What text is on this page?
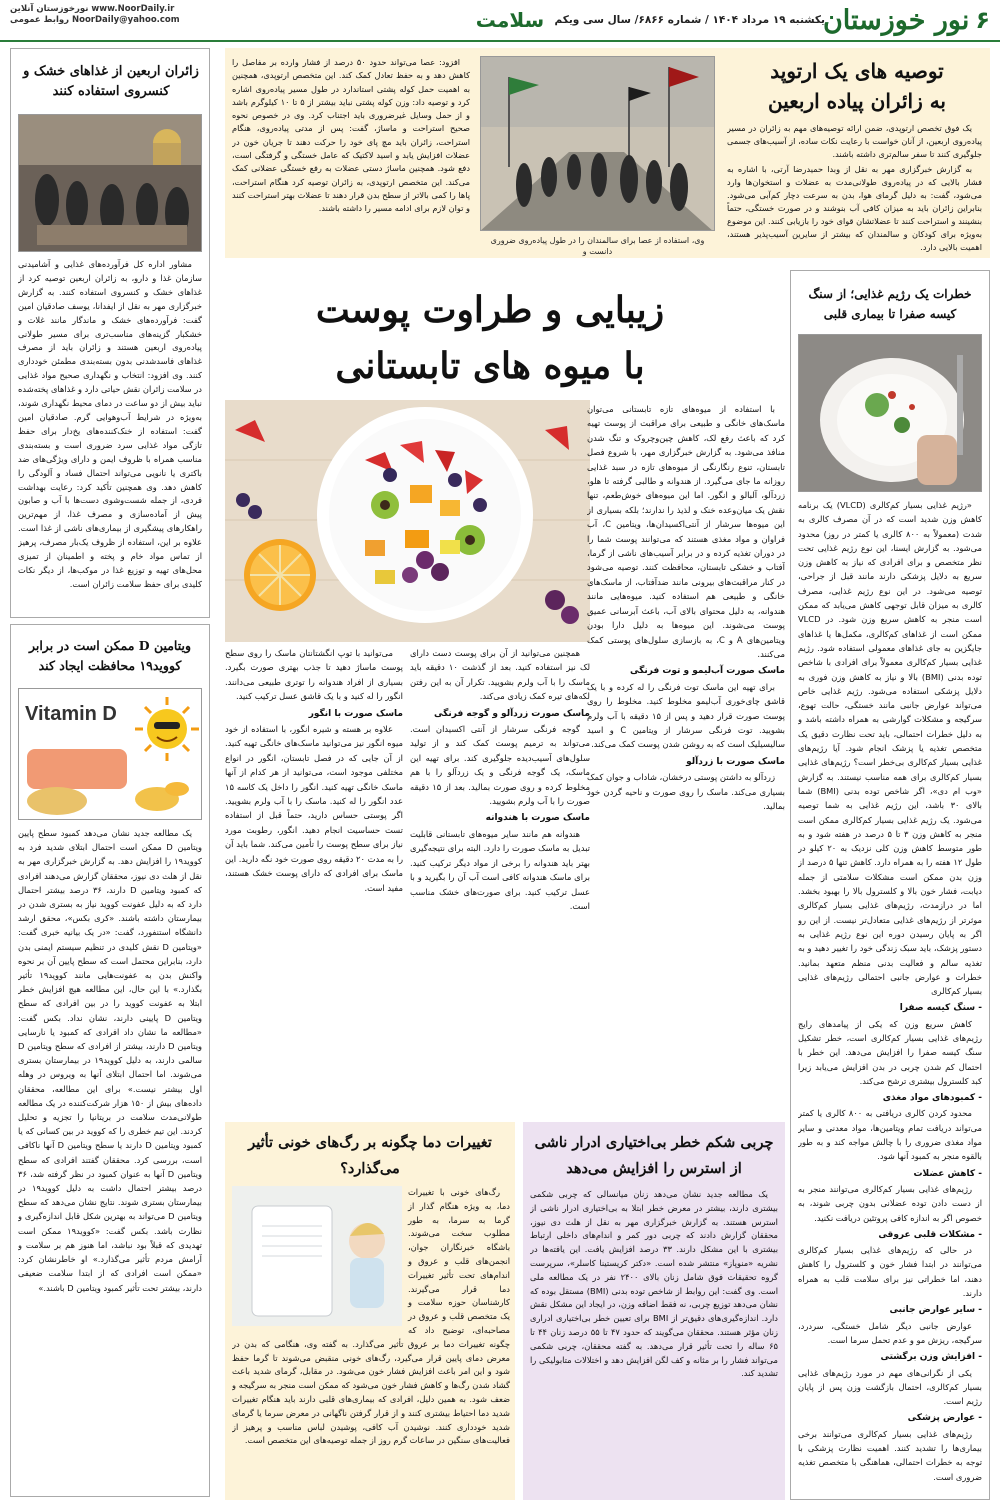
۶
نور خوزستان
یکشنبه ۱۹ مرداد ۱۴۰۴ / شماره ۶۸۶۶/ سال سی ویکم
سلامت
نورخوزستان آنلاین www.NoorDaily.ir
روابط عمومی NoorDaily@yahoo.com
توصیه های یک ارتوپد
به زائران پیاده اربعین

یک فوق تخصص ارتوپدی، ضمن ارائه توصیه‌های مهم به زائران در مسیر پیاده‌روی اربعین، از آنان خواست با رعایت نکات ساده، از آسیب‌های جسمی جلوگیری کنند تا سفر سالم‌تری داشته باشند.

به گزارش خبرگزاری مهر به نقل از وبدا حمیدرضا آرتی، با اشاره به فشار بالایی که در پیاده‌روی طولانی‌مدت به عضلات و استخوان‌ها وارد می‌شود، گفت: به دلیل گرمای هوا، بدن به سرعت دچار کم‌آبی می‌شود. بنابراین زائران باید به میزان کافی آب بنوشند و در صورت خستگی، حتماً بنشینند و استراحت کنند تا عضلاتشان قوای خود را بازیابی کنند. این موضوع به‌ویژه برای کودکان و سالمندان که بیشتر از سایرین آسیب‌پذیر هستند، اهمیت بالایی دارد.

وی، استفاده از عصا برای سالمندان را در طول پیاده‌روی ضروری دانست و

افزود: عصا می‌تواند حدود ۵۰ درصد از فشار وارده بر مفاصل را کاهش دهد و به حفظ تعادل کمک کند. این متخصص ارتوپدی، همچنین به اهمیت حمل کوله پشتی استاندارد در طول مسیر پیاده‌روی اشاره کرد و توصیه داد: وزن کوله پشتی نباید بیشتر از ۵ تا ۱۰ کیلوگرم باشد و از حمل وسایل غیرضروری باید اجتناب کرد. وی در خصوص نحوه صحیح استراحت و ماساژ، گفت: پس از مدتی پیاده‌روی، هنگام استراحت، زائران باید مچ پای خود را حرکت دهند تا جریان خون در عضلات افزایش یابد و اسید لاکتیک که عامل خستگی و گرفتگی است، دفع شود. همچنین ماساژ دستی عضلات به رفع خستگی عضلانی کمک می‌کند. این متخصص ارتوپدی، به زائران توصیه کرد هنگام استراحت، پاها را کمی بالاتر از سطح بدن قرار دهند تا عضلات بهتر استراحت کنند و توان لازم برای ادامه مسیر را داشته باشند.

زائران اربعین از غذاهای خشک و کنسروی استفاده کنند

مشاور اداره کل فرآورده‌های غذایی و آشامیدنی سازمان غذا و دارو، به زائران اربعین توصیه کرد از غذاهای خشک و کنسروی استفاده کنند. به گزارش خبرگزاری مهر به نقل از ایفدانا، یوسف صادقیان امین گفت: فرآورده‌های خشک و ماندگار مانند غلات و خشکبار گزینه‌های مناسب‌تری برای مسیر طولانی پیاده‌روی اربعین هستند و زائران باید از مصرف غذاهای فاسدشدنی بدون بسته‌بندی مطمئن خودداری کنند. وی افزود: انتخاب و نگهداری صحیح مواد غذایی در سلامت زائران نقش حیاتی دارد و غذاهای پخته‌شده نباید بیش از دو ساعت در دمای محیط نگهداری شوند، به‌ویژه در شرایط آب‌وهوایی گرم. صادقیان امین گفت: استفاده از خنک‌کننده‌های یخ‌دار برای حفظ تازگی مواد غذایی سرد ضروری است و بسته‌بندی مناسب همراه با ظروف ایمن و دارای ویژگی‌های ضد باکتری یا نانویی می‌تواند احتمال فساد و آلودگی را کاهش دهد. وی همچنین تأکید کرد: رعایت بهداشت فردی، از جمله شست‌وشوی دست‌ها با آب و صابون پیش از آماده‌سازی و مصرف غذا، از مهم‌ترین راهکارهای پیشگیری از بیماری‌های ناشی از غذا است. علاوه بر این، استفاده از ظروف یک‌بار مصرف، پرهیز از تماس مواد خام و پخته و اطمینان از تمیزی محل‌های تهیه و توزیع غذا در موکب‌ها، از دیگر نکات کلیدی برای حفظ سلامت زائران است.

ویتامین D ممکن است در برابر
کووید۱۹ محافظت ایجاد کند
Vitamin D

یک مطالعه جدید نشان می‌دهد کمبود سطح پایین ویتامین D ممکن است احتمال ابتلای شدید فرد به کووید۱۹ را افزایش دهد. به گزارش خبرگزاری مهر به نقل از هلث دی نیوز، محققان گزارش می‌دهند افرادی که کمبود ویتامین D دارند، ۳۶ درصد بیشتر احتمال دارد که به دلیل عفونت کووید نیاز به بستری شدن در بیمارستان داشته باشند. «کری بکس»، محقق ارشد دانشگاه استنفورد، گفت: «در یک بیانیه خبری گفت: «ویتامین D نقش کلیدی در تنظیم سیستم ایمنی بدن دارد، بنابراین محتمل است که سطح پایین آن بر نحوه واکنش بدن به عفونت‌هایی مانند کووید۱۹ تأثیر بگذارد.» با این حال، این مطالعه هیچ افزایش خطر ابتلا به عفونت کووید را در بین افرادی که سطح ویتامین D پایینی دارند، نشان نداد. بکس گفت: «مطالعه ما نشان داد افرادی که کمبود یا نارسایی ویتامین D دارند، بیشتر از افرادی که سطح ویتامین D سالمی دارند، به دلیل کووید۱۹ در بیمارستان بستری می‌شوند. اما احتمال ابتلای آنها به ویروس در وهله اول بیشتر نیست.» برای این مطالعه، محققان داده‌های بیش از ۱۵۰ هزار شرکت‌کننده در یک مطالعه طولانی‌مدت سلامت در بریتانیا را تجزیه و تحلیل کردند. این تیم خطری را که کووید در بین کسانی که یا کمبود ویتامین D دارند یا سطح ویتامین D آنها ناکافی است، بررسی کرد. محققان گفتند افرادی که سطح ویتامین D آنها به عنوان کمبود در نظر گرفته شد، ۳۶ درصد بیشتر احتمال داشت به دلیل کووید۱۹ در بیمارستان بستری شوند. نتایج نشان می‌دهد که سطح ویتامین D می‌تواند به بهترین شکل قابل اندازه‌گیری و نظارت باشد. بکس گفت: «کووید۱۹ ممکن است تهدیدی که قبلاً بود نباشد، اما هنوز هم بر سلامت و آرامش مردم تأثیر می‌گذارد.» او خاطرنشان کرد: «ممکن است افرادی که از ابتدا سلامت ضعیفی دارند، بیشتر تحت تأثیر کمبود ویتامین D باشند.»

خطرات یک رژیم غذایی؛ از سنگ
کیسه صفرا تا بیماری قلبی

«رژیم غذایی بسیار کم‌کالری (VLCD) یک برنامه کاهش وزن شدید است که در آن مصرف کالری به شدت (معمولاً به ۸۰۰ کالری یا کمتر در روز) محدود می‌شود. به گزارش ایسنا، این نوع رژیم غذایی تحت نظر متخصص و برای افرادی که نیاز به کاهش وزن سریع به دلایل پزشکی دارند مانند قبل از جراحی، توصیه می‌شود. در این نوع رژیم غذایی، مصرف کالری به میزان قابل توجهی کاهش می‌یابد که ممکن است منجر به کاهش سریع وزن شود. در VLCD ممکن است از غذاهای کم‌کالری، مکمل‌ها یا غذاهای جایگزین به جای غذاهای معمولی استفاده شود. رژیم غذایی بسیار کم‌کالری معمولاً برای افرادی با شاخص توده بدنی (BMI) بالا و نیاز به کاهش وزن فوری به دلایل پزشکی استفاده می‌شود. رژیم غذایی خاص می‌تواند عوارض جانبی مانند خستگی، حالت تهوع، سرگیجه و مشکلات گوارشی به همراه داشته باشد و به دلیل خطرات احتمالی، باید تحت نظارت دقیق یک متخصص تغذیه یا پزشک انجام شود. آیا رژیم‌های غذایی بسیار کم‌کالری بی‌خطر است؟ رژیم‌های غذایی بسیار کم‌کالری برای همه مناسب نیستند. به گزارش «وب ام دی»، اگر شاخص توده بدنی (BMI) شما بالای ۳۰ باشد، این رژیم غذایی به شما توصیه می‌شود. یک رژیم غذایی بسیار کم‌کالری ممکن است منجر به کاهش وزن ۳ تا ۵ درصد در هفته شود و به طور متوسط کاهش وزن کلی نزدیک به ۲۰ کیلو در طول ۱۲ هفته را به همراه دارد. کاهش تنها ۵ درصد از وزن بدن ممکن است مشکلات سلامتی از جمله دیابت، فشار خون بالا و کلسترول بالا را بهبود بخشد. اما در درازمدت، رژیم‌های غذایی بسیار کم‌کالری موثرتر از رژیم‌های غذایی متعادل‌تر نیست. از این رو اگر به پایان رسیدن دوره این نوع رژیم غذایی به دستور پزشک، باید سبک زندگی خود را تغییر دهید و به تغذیه سالم و فعالیت بدنی منظم متعهد بمانید. خطرات و عوارض جانبی احتمالی رژیم‌های غذایی بسیار کم‌کالری

- سنگ کیسه صفرا

کاهش سریع وزن که یکی از پیامدهای رایج رژیم‌های غذایی بسیار کم‌کالری است، خطر تشکیل سنگ کیسه صفرا را افزایش می‌دهد. این خطر با احتمال کم شدن چربی در بدن افزایش می‌یابد زیرا کبد کلسترول بیشتری ترشح می‌کند.

- کمبودهای مواد مغذی

محدود کردن کالری دریافتی به ۸۰۰ کالری یا کمتر می‌تواند دریافت تمام ویتامین‌ها، مواد معدنی و سایر مواد مغذی ضروری را با چالش مواجه کند و به طور بالقوه منجر به کمبود آنها شود.

- کاهش عضلات

رژیم‌های غذایی بسیار کم‌کالری می‌توانند منجر به از دست دادن توده عضلانی بدون چربی شوند، به خصوص اگر به اندازه کافی پروتئین دریافت نکنید.

- مشکلات قلبی عروقی

در حالی که رژیم‌های غذایی بسیار کم‌کالری می‌توانند در ابتدا فشار خون و کلسترول را کاهش دهند، اما خطراتی نیز برای سلامت قلب به همراه دارند.

- سایر عوارض جانبی

عوارض جانبی دیگر شامل خستگی، سردرد، سرگیجه، ریزش مو و عدم تحمل سرما است.

- افزایش وزن برگشتی

یکی از نگرانی‌های مهم در مورد رژیم‌های غذایی بسیار کم‌کالری، احتمال بازگشت وزن پس از پایان رژیم است.

- عوارض پزشکی

رژیم‌های غذایی بسیار کم‌کالری می‌توانند برخی بیماری‌ها را تشدید کنند. اهمیت نظارت پزشکی با توجه به خطرات احتمالی، هماهنگی با متخصص تغذیه ضروری است.

زیبایی و طراوت پوست
با میوه های تابستانی

با استفاده از میوه‌های تازه تابستانی می‌توان ماسک‌های خانگی و طبیعی برای مراقبت از پوست تهیه کرد که باعث رفع لک، کاهش چین‌وچروک و تنگ شدن منافذ می‌شود. به گزارش خبرگزاری مهر، با شروع فصل تابستان، تنوع رنگارنگی از میوه‌های تازه در سبد غذایی روزانه ما جای می‌گیرد. از هندوانه و طالبی گرفته تا هلو، زردآلو، آلبالو و انگور. اما این میوه‌های خوش‌طعم، تنها نقش یک میان‌وعده خنک و لذیذ را ندارند؛ بلکه بسیاری از این میوه‌ها سرشار از آنتی‌اکسیدان‌ها، ویتامین C، آب فراوان و مواد مغذی هستند که می‌توانند پوست شما را در دوران تغذیه کرده و در برابر آسیب‌های ناشی از گرما، آفتاب و خشکی تابستان، محافظت کنند. توصیه می‌شود در کنار مراقبت‌های بیرونی مانند ضدآفتاب، از ماسک‌های خانگی و طبیعی هم استفاده کنید. میوه‌هایی مانند هندوانه، به دلیل محتوای بالای آب، باعث آبرسانی عمیق پوست می‌شوند. این میوه‌ها به دلیل دارا بودن ویتامین‌های A و C، به بازسازی سلول‌های پوستی کمک می‌کنند.

ماسک صورت آب‌لیمو و توت فرنگی

برای تهیه این ماسک توت فرنگی را له کرده و با یک قاشق چای‌خوری آب‌لیمو مخلوط کنید. مخلوط را روی پوست صورت قرار دهید و پس از ۱۵ دقیقه با آب ولرم بشویید. توت فرنگی سرشار از ویتامین C و اسید سالیسیلیک است که به روشن شدن پوست کمک می‌کند.

ماسک صورت با زردآلو

زردآلو به داشتن پوستی درخشان، شاداب و جوان کمک بسیاری می‌کند. ماسک را روی صورت و ناحیه گردن خود بمالید.

همچنین می‌توانید از آن برای پوست دست دارای لک نیز استفاده کنید. بعد از گذشت ۱۰ دقیقه باید ماسک را با آب ولرم بشویید. تکرار آن به این رفتن لکه‌های تیره کمک زیادی می‌کند.

ماسک صورت زردآلو و گوجه فرنگی

گوجه فرنگی سرشار از آنتی اکسیدان است. می‌تواند به ترمیم پوست کمک کند و از تولید سلول‌های آسیب‌دیده جلوگیری کند. برای تهیه این ماسک، یک گوجه فرنگی و یک زردآلو را با هم مخلوط کرده و روی صورت بمالید. بعد از ۱۵ دقیقه صورت را با آب ولرم بشویید.

ماسک صورت با هندوانه

هندوانه هم مانند سایر میوه‌های تابستانی قابلیت تبدیل به ماسک صورت را دارد. البته برای نتیجه‌گیری بهتر باید هندوانه را برخی از مواد دیگر ترکیب کنید. برای ماسک هندوانه کافی است آب آن را بگیرید و با عسل ترکیب کنید. برای صورت‌های خشک مناسب است.

می‌توانید با توپ انگشتانتان ماسک را روی سطح پوست ماساژ دهید تا جذب بهتری صورت بگیرد. بسیاری از افراد هندوانه را توتری طبیعی می‌دانند. انگور را له کنید و با یک قاشق عسل ترکیب کنید.

ماسک صورت با انگور

علاوه بر هسته و شیره انگور، با استفاده از خود میوه انگور نیز می‌توانید ماسک‌های خانگی تهیه کنید. از آن جایی که در فصل تابستان، انگور در انواع مختلفی موجود است، می‌توانید از هر کدام از آنها ماسک خانگی تهیه کنید. انگور را داخل یک کاسه ۱۵ عدد انگور را له کنید. ماسک را با آب ولرم بشویید. اگر پوستی حساس دارید، حتماً قبل از استفاده تست حساسیت انجام دهید. انگور، رطوبت مورد نیاز برای سطح پوست را تأمین می‌کند. شما باید آن را به مدت ۲۰ دقیقه روی صورت خود نگه دارید. این ماسک برای افرادی که دارای پوست خشک هستند، مفید است.

چربی شکم خطر بی‌اختیاری ادرار ناشی
از استرس را افزایش می‌دهد

یک مطالعه جدید نشان می‌دهد زنان میانسالی که چربی شکمی بیشتری دارند، بیشتر در معرض خطر ابتلا به بی‌اختیاری ادرار ناشی از استرس هستند. به گزارش خبرگزاری مهر به نقل از هلث دی نیوز، محققان گزارش دادند که چربی دور کمر و اندام‌های داخلی ارتباط بیشتری با این مشکل دارند. ۳۳ درصد افزایش یافت. این یافته‌ها در نشریه «منوپاز» منتشر شده است. «دکتر کریستینا کاسلر»، سرپرست گروه تحقیقات فوق شامل زنان بالای ۲۴۰۰ نفر در یک مطالعه ملی است. وی گفت: این روابط از شاخص توده بدنی (BMI) مستقل بوده که نشان می‌دهد توزیع چربی، نه فقط اضافه وزن، در ایجاد این مشکل نقش دارد. اندازه‌گیری‌های دقیق‌تر از BMI برای تعیین خطر بی‌اختیاری ادراری زنان مؤثر هستند. محققان می‌گویند که حدود ۴۷ تا ۵۵ درصد زنان ۴۴ تا ۶۵ ساله را تحت تأثیر قرار می‌دهد. به گفته محققان، چربی شکمی می‌تواند فشار را بر مثانه و کف لگن افزایش دهد و اختلالات متابولیکی را تشدید کند.

تغییرات دما چگونه بر رگ‌های خونی تأثیر
می‌گذارد؟

رگ‌های خونی با تغییرات دما، به ویژه هنگام گذار از گرما به سرما، به طور مطلوب سخت می‌شوند. باشگاه خبرنگاران جوان، انجمن‌های قلب و عروق و اندام‌های تحت تأثیر تغییرات دما قرار می‌گیرند. کارشناسان حوزه سلامت و یک متخصص قلب و عروق در مصاحبه‌ای، توضیح داد که چگونه تغییرات دما بر عروق تأثیر می‌گذارد. به گفته وی، هنگامی که بدن در معرض دمای پایین قرار می‌گیرد، رگ‌های خونی منقبض می‌شوند تا گرما حفظ شود و این امر باعث افزایش فشار خون می‌شود. در مقابل، گرمای شدید باعث گشاد شدن رگ‌ها و کاهش فشار خون می‌شود که ممکن است منجر به سرگیجه و ضعف شود. به همین دلیل، افرادی که بیماری‌های قلبی دارند باید هنگام تغییرات شدید دما احتیاط بیشتری کنند و از قرار گرفتن ناگهانی در معرض سرما یا گرمای شدید خودداری کنند. نوشیدن آب کافی، پوشیدن لباس مناسب و پرهیز از فعالیت‌های سنگین در ساعات گرم روز از جمله توصیه‌های این متخصص است.
